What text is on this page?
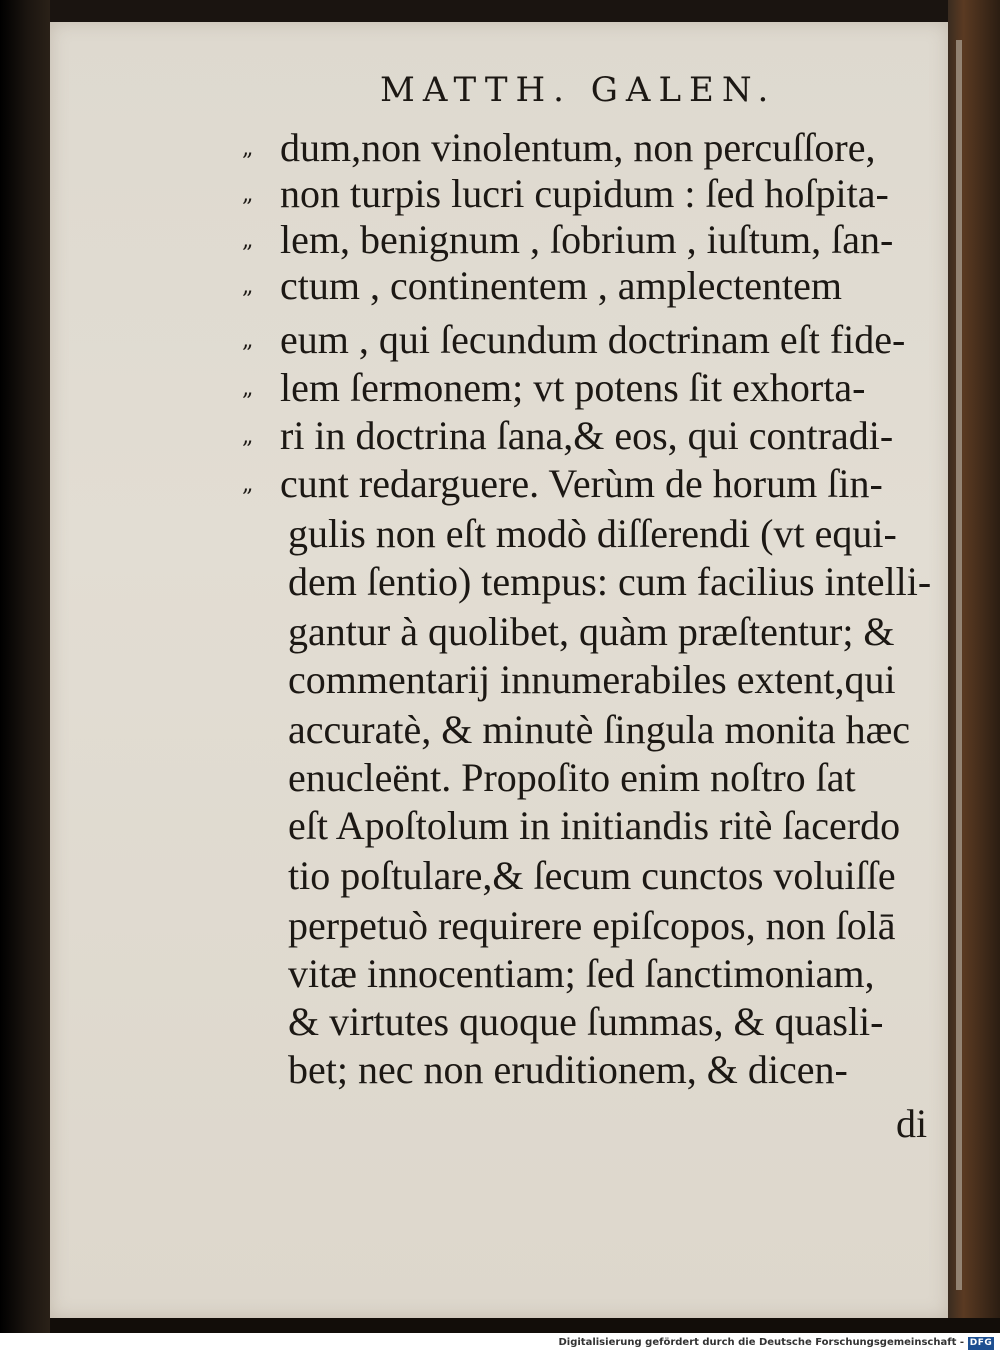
MATTH. GALEN.
„ dum,non vinolentum, non percuſſore,
„ non turpis lucri cupidum : ſed hoſpita-
„ lem, benignum , ſobrium , iuſtum, ſan-
„ ctum , continentem , amplectentem
„ eum , qui ſecundum doctrinam eſt fide-
„ lem ſermonem; vt potens ſit exhorta-
„ ri in doctrina ſana,& eos, qui contradi-
„ cunt redarguere. Verùm de horum ſin-
gulis non eſt modò diſſerendi (vt equi-
dem ſentio) tempus: cum facilius intelli-
gantur à quolibet, quàm præſtentur; &
commentarij innumerabiles extent,qui
accuratè, & minutè ſingula monita hæc
enucleënt. Propoſito enim noſtro ſat
eſt Apoſtolum in initiandis ritè ſacerdo
tio poſtulare,& ſecum cunctos voluiſſe
perpetuò requirere epiſcopos, non ſolā
vitæ innocentiam; ſed ſanctimoniam,
& virtutes quoque ſummas, & quasli-
bet; nec non eruditionem, & dicen-
di
Digitalisierung gefördert durch die Deutsche Forschungsgemeinschaft - DFG
